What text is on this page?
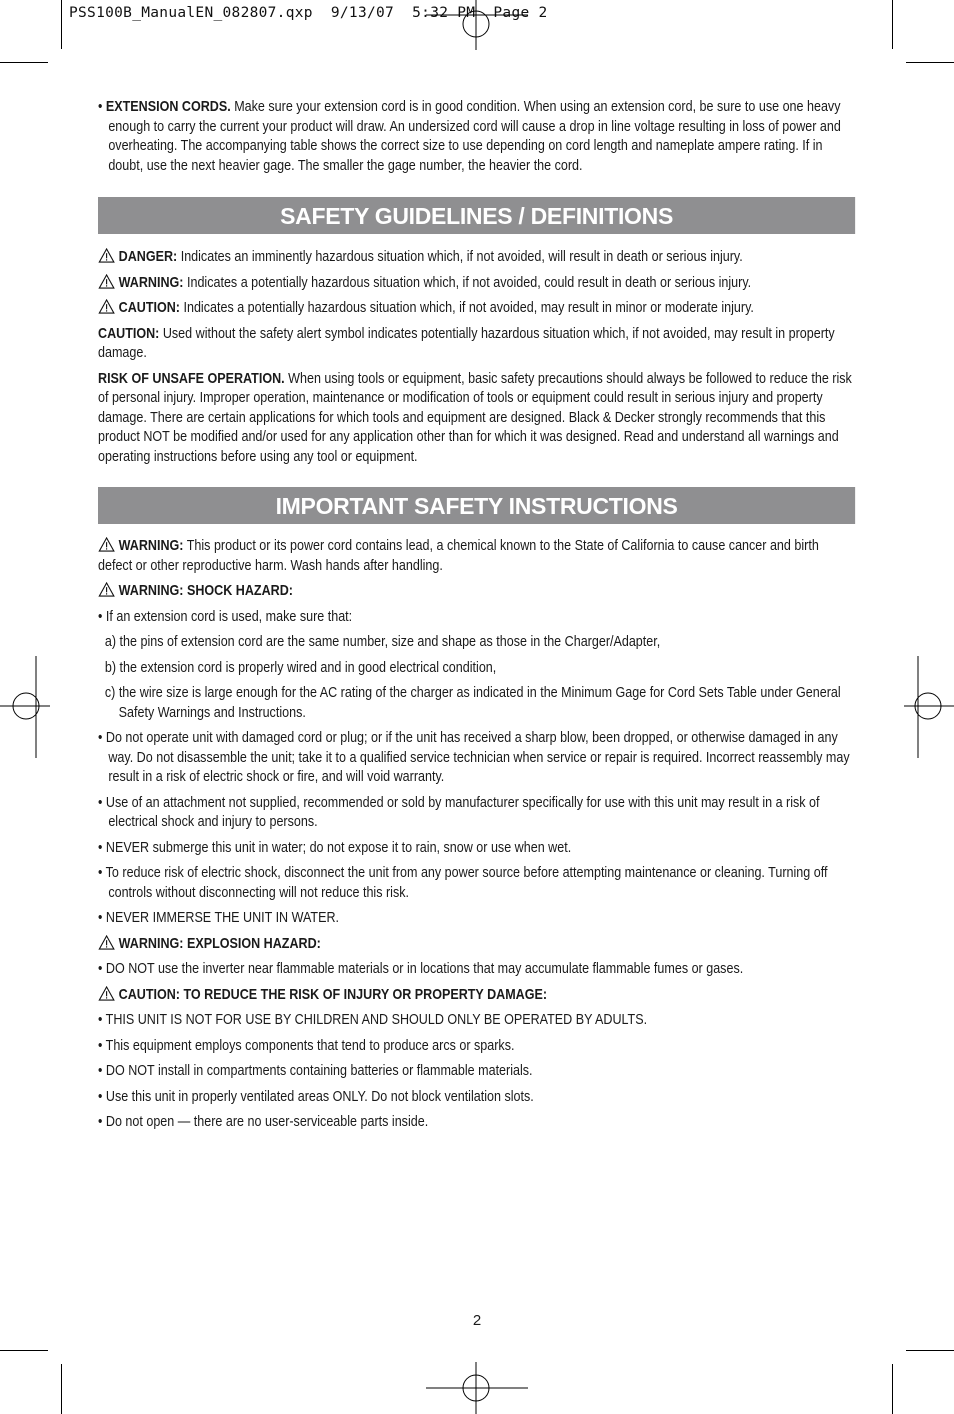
PSS100B_ManualEN_082807.qxp  9/13/07  5:32 PM  Page 2

• EXTENSION CORDS. Make sure your extension cord is in good condition. When using an extension cord, be sure to use one heavy enough to carry the current your product will draw. An undersized cord will cause a drop in line voltage resulting in loss of power and overheating. The accompanying table shows the correct size to use depending on cord length and nameplate ampere rating. If in doubt, use the next heavier gage. The smaller the gage number, the heavier the cord.

SAFETY GUIDELINES / DEFINITIONS

DANGER: Indicates an imminently hazardous situation which, if not avoided, will result in death or serious injury.

WARNING: Indicates a potentially hazardous situation which, if not avoided, could result in death or serious injury.

CAUTION: Indicates a potentially hazardous situation which, if not avoided, may result in minor or moderate injury.

CAUTION: Used without the safety alert symbol indicates potentially hazardous situation which, if not avoided, may result in property damage.

RISK OF UNSAFE OPERATION. When using tools or equipment, basic safety precautions should always be followed to reduce the risk of personal injury. Improper operation, maintenance or modification of tools or equipment could result in serious injury and property damage. There are certain applications for which tools and equipment are designed. Black & Decker strongly recommends that this product NOT be modified and/or used for any application other than for which it was designed. Read and understand all warnings and operating instructions before using any tool or equipment.

IMPORTANT SAFETY INSTRUCTIONS

WARNING: This product or its power cord contains lead, a chemical known to the State of California to cause cancer and birth defect or other reproductive harm. Wash hands after handling.

WARNING: SHOCK HAZARD:

• If an extension cord is used, make sure that:

a) the pins of extension cord are the same number, size and shape as those in the Charger/Adapter,

b) the extension cord is properly wired and in good electrical condition,

c) the wire size is large enough for the AC rating of the charger as indicated in the Minimum Gage for Cord Sets Table under General Safety Warnings and Instructions.

• Do not operate unit with damaged cord or plug; or if the unit has received a sharp blow, been dropped, or otherwise damaged in any way. Do not disassemble the unit; take it to a qualified service technician when service or repair is required. Incorrect reassembly may result in a risk of electric shock or fire, and will void warranty.

• Use of an attachment not supplied, recommended or sold by manufacturer specifically for use with this unit may result in a risk of electrical shock and injury to persons.

• NEVER submerge this unit in water; do not expose it to rain, snow or use when wet.

• To reduce risk of electric shock, disconnect the unit from any power source before attempting maintenance or cleaning. Turning off controls without disconnecting will not reduce this risk.

• NEVER IMMERSE THE UNIT IN WATER.

WARNING: EXPLOSION HAZARD:

• DO NOT use the inverter near flammable materials or in locations that may accumulate flammable fumes or gases.

CAUTION: TO REDUCE THE RISK OF INJURY OR PROPERTY DAMAGE:

• THIS UNIT IS NOT FOR USE BY CHILDREN AND SHOULD ONLY BE OPERATED BY ADULTS.

• This equipment employs components that tend to produce arcs or sparks.

• DO NOT install in compartments containing batteries or flammable materials.

• Use this unit in properly ventilated areas ONLY. Do not block ventilation slots.

• Do not open — there are no user-serviceable parts inside.

2
